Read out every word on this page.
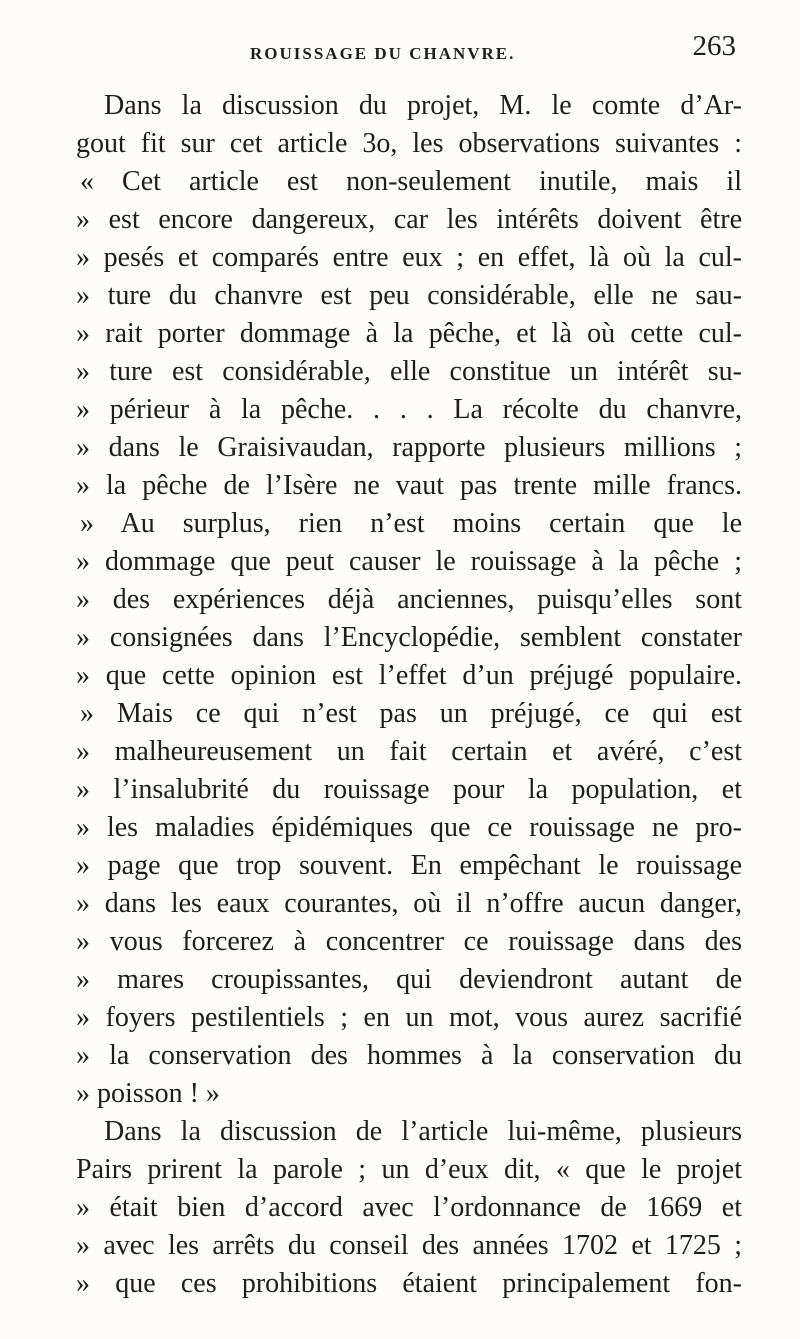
ROUISSAGE DU CHANVRE.	263
Dans la discussion du projet, M. le comte d’Ar-
gout fit sur cet article 3o, les observations suivantes :
« Cet article est non-seulement inutile, mais il
» est encore dangereux, car les intérêts doivent être
» pesés et comparés entre eux ; en effet, là où la cul-
» ture du chanvre est peu considérable, elle ne sau-
» rait porter dommage à la pêche, et là où cette cul-
» ture est considérable, elle constitue un intérêt su-
» périeur à la pêche. . . . La récolte du chanvre,
» dans le Graisivaudan, rapporte plusieurs millions ;
» la pêche de l’Isère ne vaut pas trente mille francs.
» Au surplus, rien n’est moins certain que le
» dommage que peut causer le rouissage à la pêche ;
» des expériences déjà anciennes, puisqu’elles sont
» consignées dans l’Encyclopédie, semblent constater
» que cette opinion est l’effet d’un préjugé populaire.
» Mais ce qui n’est pas un préjugé, ce qui est
» malheureusement un fait certain et avéré, c’est
» l’insalubrité du rouissage pour la population, et
» les maladies épidémiques que ce rouissage ne pro-
» page que trop souvent. En empêchant le rouissage
» dans les eaux courantes, où il n’offre aucun danger,
» vous forcerez à concentrer ce rouissage dans des
» mares croupissantes, qui deviendront autant de
» foyers pestilentiels ; en un mot, vous aurez sacrifié
» la conservation des hommes à la conservation du
» poisson ! »
Dans la discussion de l’article lui-même, plusieurs
Pairs prirent la parole ; un d’eux dit, « que le projet
» était bien d’accord avec l’ordonnance de 1669 et
» avec les arrêts du conseil des années 1702 et 1725 ;
» que ces prohibitions étaient principalement fon-
